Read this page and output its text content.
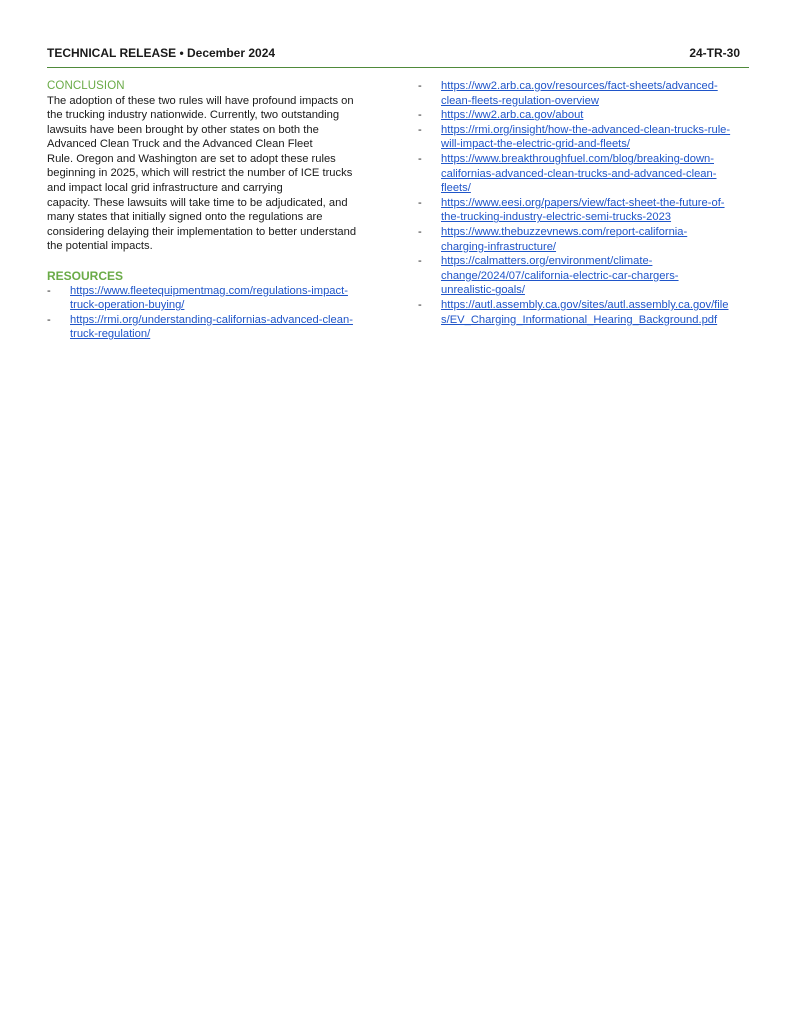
TECHNICAL RELEASE • December 2024	24-TR-30

CONCLUSION

The adoption of these two rules will have profound impacts on
the trucking industry nationwide. Currently, two outstanding
lawsuits have been brought by other states on both the
Advanced Clean Truck and the Advanced Clean Fleet
Rule. Oregon and Washington are set to adopt these rules
beginning in 2025, which will restrict the number of ICE trucks
and impact local grid infrastructure and carrying
capacity. These lawsuits will take time to be adjudicated, and
many states that initially signed onto the regulations are
considering delaying their implementation to better understand
the potential impacts.

RESOURCES

- https://www.fleetequipmentmag.com/regulations-impact-
truck-operation-buying/
- https://rmi.org/understanding-californias-advanced-clean-
truck-regulation/
- https://ww2.arb.ca.gov/resources/fact-sheets/advanced-
clean-fleets-regulation-overview
- https://ww2.arb.ca.gov/about
- https://rmi.org/insight/how-the-advanced-clean-trucks-rule-
will-impact-the-electric-grid-and-fleets/
- https://www.breakthroughfuel.com/blog/breaking-down-
californias-advanced-clean-trucks-and-advanced-clean-
fleets/
- https://www.eesi.org/papers/view/fact-sheet-the-future-of-
the-trucking-industry-electric-semi-trucks-2023
- https://www.thebuzzevnews.com/report-california-
charging-infrastructure/
- https://calmatters.org/environment/climate-
change/2024/07/california-electric-car-chargers-
unrealistic-goals/
- https://autl.assembly.ca.gov/sites/autl.assembly.ca.gov/file
s/EV_Charging_Informational_Hearing_Background.pdf
